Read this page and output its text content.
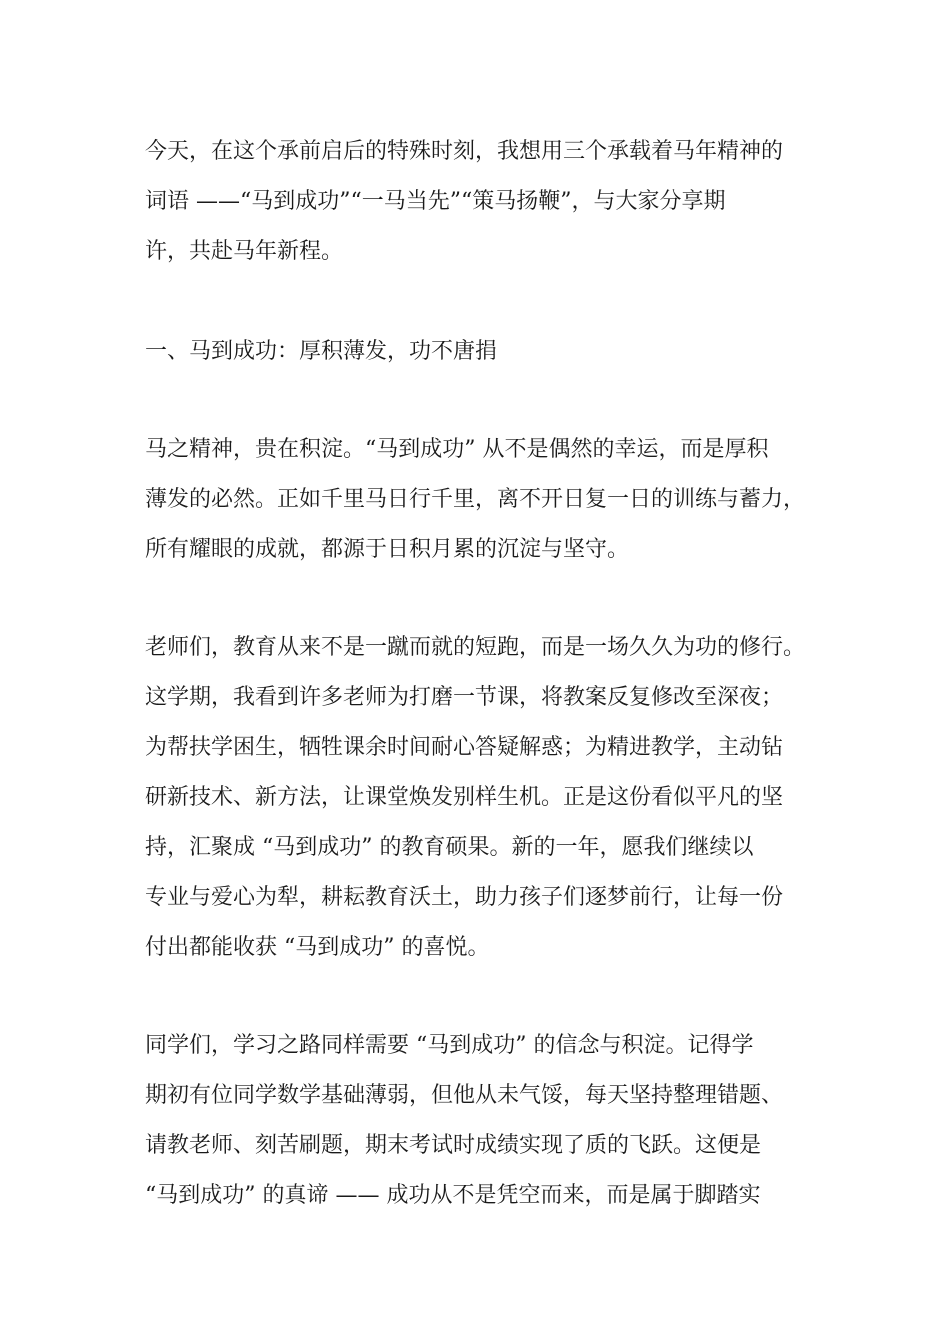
今天，在这个承前启后的特殊时刻，我想用三个承载着马年精神的
词语 ——“马到成功”“一马当先”“策马扬鞭”，与大家分享期
许，共赴马年新程。
一、马到成功：厚积薄发，功不唐捐
马之精神，贵在积淀。“马到成功” 从不是偶然的幸运，而是厚积
薄发的必然。正如千里马日行千里，离不开日复一日的训练与蓄力，
所有耀眼的成就，都源于日积月累的沉淀与坚守。
老师们，教育从来不是一蹴而就的短跑，而是一场久久为功的修行。
这学期，我看到许多老师为打磨一节课，将教案反复修改至深夜；
为帮扶学困生，牺牲课余时间耐心答疑解惑；为精进教学，主动钻
研新技术、新方法，让课堂焕发别样生机。正是这份看似平凡的坚
持，汇聚成 “马到成功” 的教育硕果。新的一年，愿我们继续以
专业与爱心为犁，耕耘教育沃土，助力孩子们逐梦前行，让每一份
付出都能收获 “马到成功” 的喜悦。
同学们，学习之路同样需要 “马到成功” 的信念与积淀。记得学
期初有位同学数学基础薄弱，但他从未气馁，每天坚持整理错题、
请教老师、刻苦刷题，期末考试时成绩实现了质的飞跃。这便是
“马到成功” 的真谛 —— 成功从不是凭空而来，而是属于脚踏实
